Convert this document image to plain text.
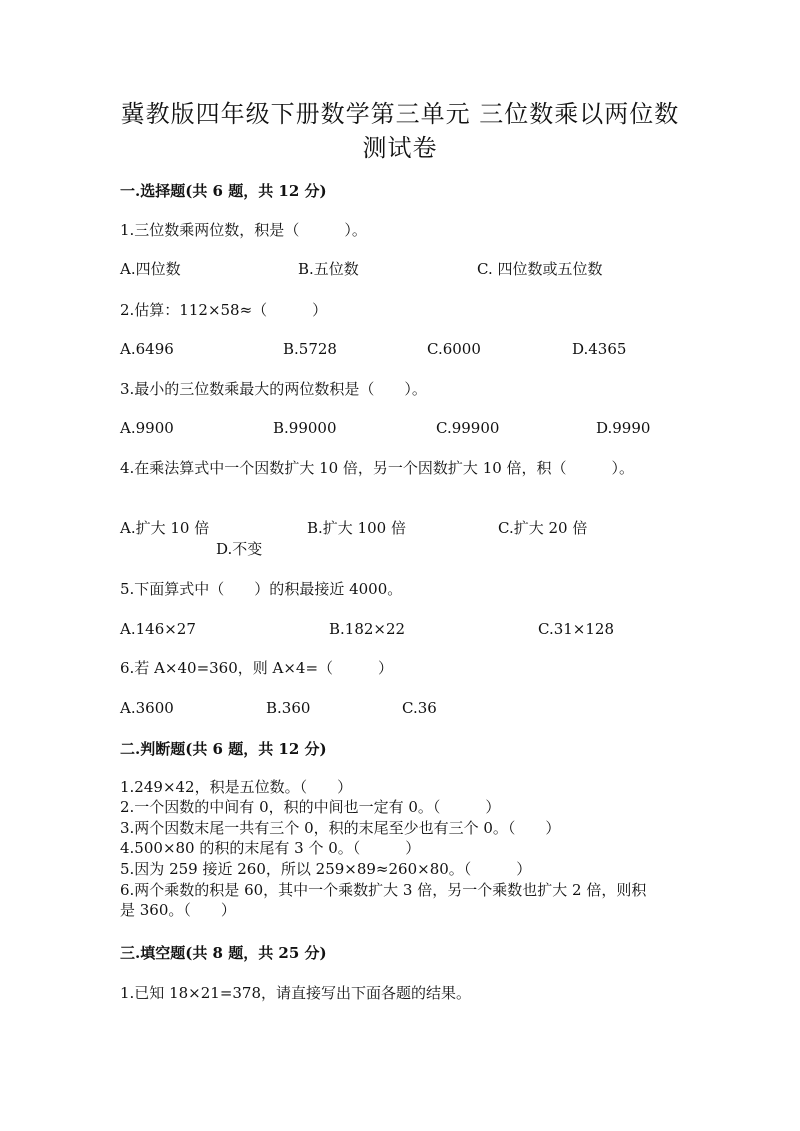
冀教版四年级下册数学第三单元 三位数乘以两位数
测试卷
一.选择题(共 6 题，共 12 分)
1.三位数乘两位数，积是（　　　）。
A.四位数	B.五位数	C. 四位数或五位数
2.估算：112×58≈（　　　）
A.6496	B.5728	C.6000	D.4365
3.最小的三位数乘最大的两位数积是（　　）。
A.9900	B.99000	C.99900	D.9990
4.在乘法算式中一个因数扩大 10 倍，另一个因数扩大 10 倍，积（　　　）。
A.扩大 10 倍	B.扩大 100 倍	C.扩大 20 倍
D.不变
5.下面算式中（　　）的积最接近 4000。
A.146×27	B.182×22	C.31×128
6.若 A×40=360，则 A×4=（　　　）
A.3600	B.360	C.36
二.判断题(共 6 题，共 12 分)
1.249×42，积是五位数。（　　）
2.一个因数的中间有 0，积的中间也一定有 0。（　　　）
3.两个因数末尾一共有三个 0，积的末尾至少也有三个 0。（　　）
4.500×80 的积的末尾有 3 个 0。（　　　）
5.因为 259 接近 260，所以 259×89≈260×80。（　　　）
6.两个乘数的积是 60，其中一个乘数扩大 3 倍，另一个乘数也扩大 2 倍，则积
是 360。（　　）
三.填空题(共 8 题，共 25 分)
1.已知 18×21=378，请直接写出下面各题的结果。
